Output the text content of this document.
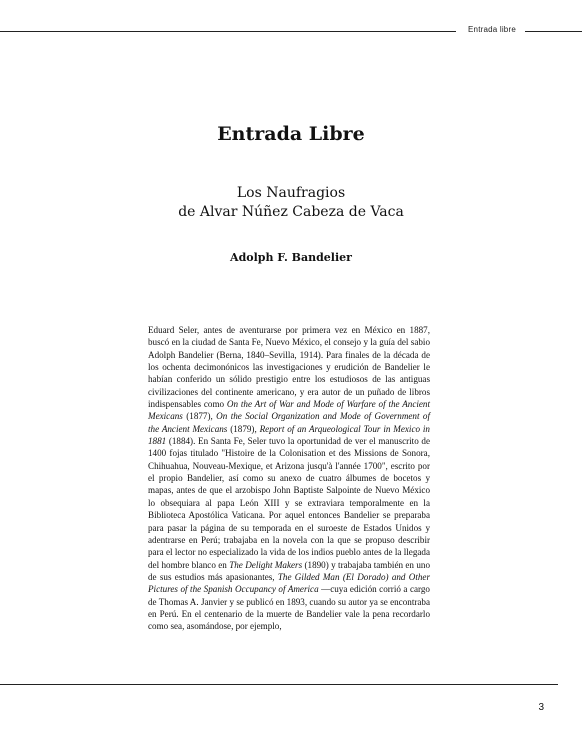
Entrada libre
Entrada Libre
Los Naufragios
de Alvar Núñez Cabeza de Vaca
Adolph F. Bandelier

Eduard Seler, antes de aventurarse por primera vez en México en 1887, buscó en la ciudad de Santa Fe, Nuevo México, el consejo y la guía del sabio Adolph Bandelier (Berna, 1840–Sevilla, 1914). Para finales de la década de los ochenta decimonónicos las investigaciones y erudición de Bandelier le habían conferido un sólido prestigio entre los estudiosos de las antiguas civilizaciones del continente americano, y era autor de un puñado de libros indispensables como On the Art of War and Mode of Warfare of the Ancient Mexicans (1877), On the Social Organization and Mode of Government of the Ancient Mexicans (1879), Report of an Arqueological Tour in Mexico in 1881 (1884). En Santa Fe, Seler tuvo la oportunidad de ver el manuscrito de 1400 fojas titulado "Histoire de la Colonisation et des Missions de Sonora, Chihuahua, Nouveau-Mexique, et Arizona jusqu'à l'année 1700", escrito por el propio Bandelier, así como su anexo de cuatro álbumes de bocetos y mapas, antes de que el arzobispo John Baptiste Salpointe de Nuevo México lo obsequiara al papa León XIII y se extraviara temporalmente en la Biblioteca Apostólica Vaticana. Por aquel entonces Bandelier se preparaba para pasar la página de su temporada en el suroeste de Estados Unidos y adentrarse en Perú; trabajaba en la novela con la que se propuso describir para el lector no especializado la vida de los indios pueblo antes de la llegada del hombre blanco en The Delight Makers (1890) y trabajaba también en uno de sus estudios más apasionantes, The Gilded Man (El Dorado) and Other Pictures of the Spanish Occupancy of America —cuya edición corrió a cargo de Thomas A. Janvier y se publicó en 1893, cuando su autor ya se encontraba en Perú. En el centenario de la muerte de Bandelier vale la pena recordarlo como sea, asomándose, por ejemplo,

3
